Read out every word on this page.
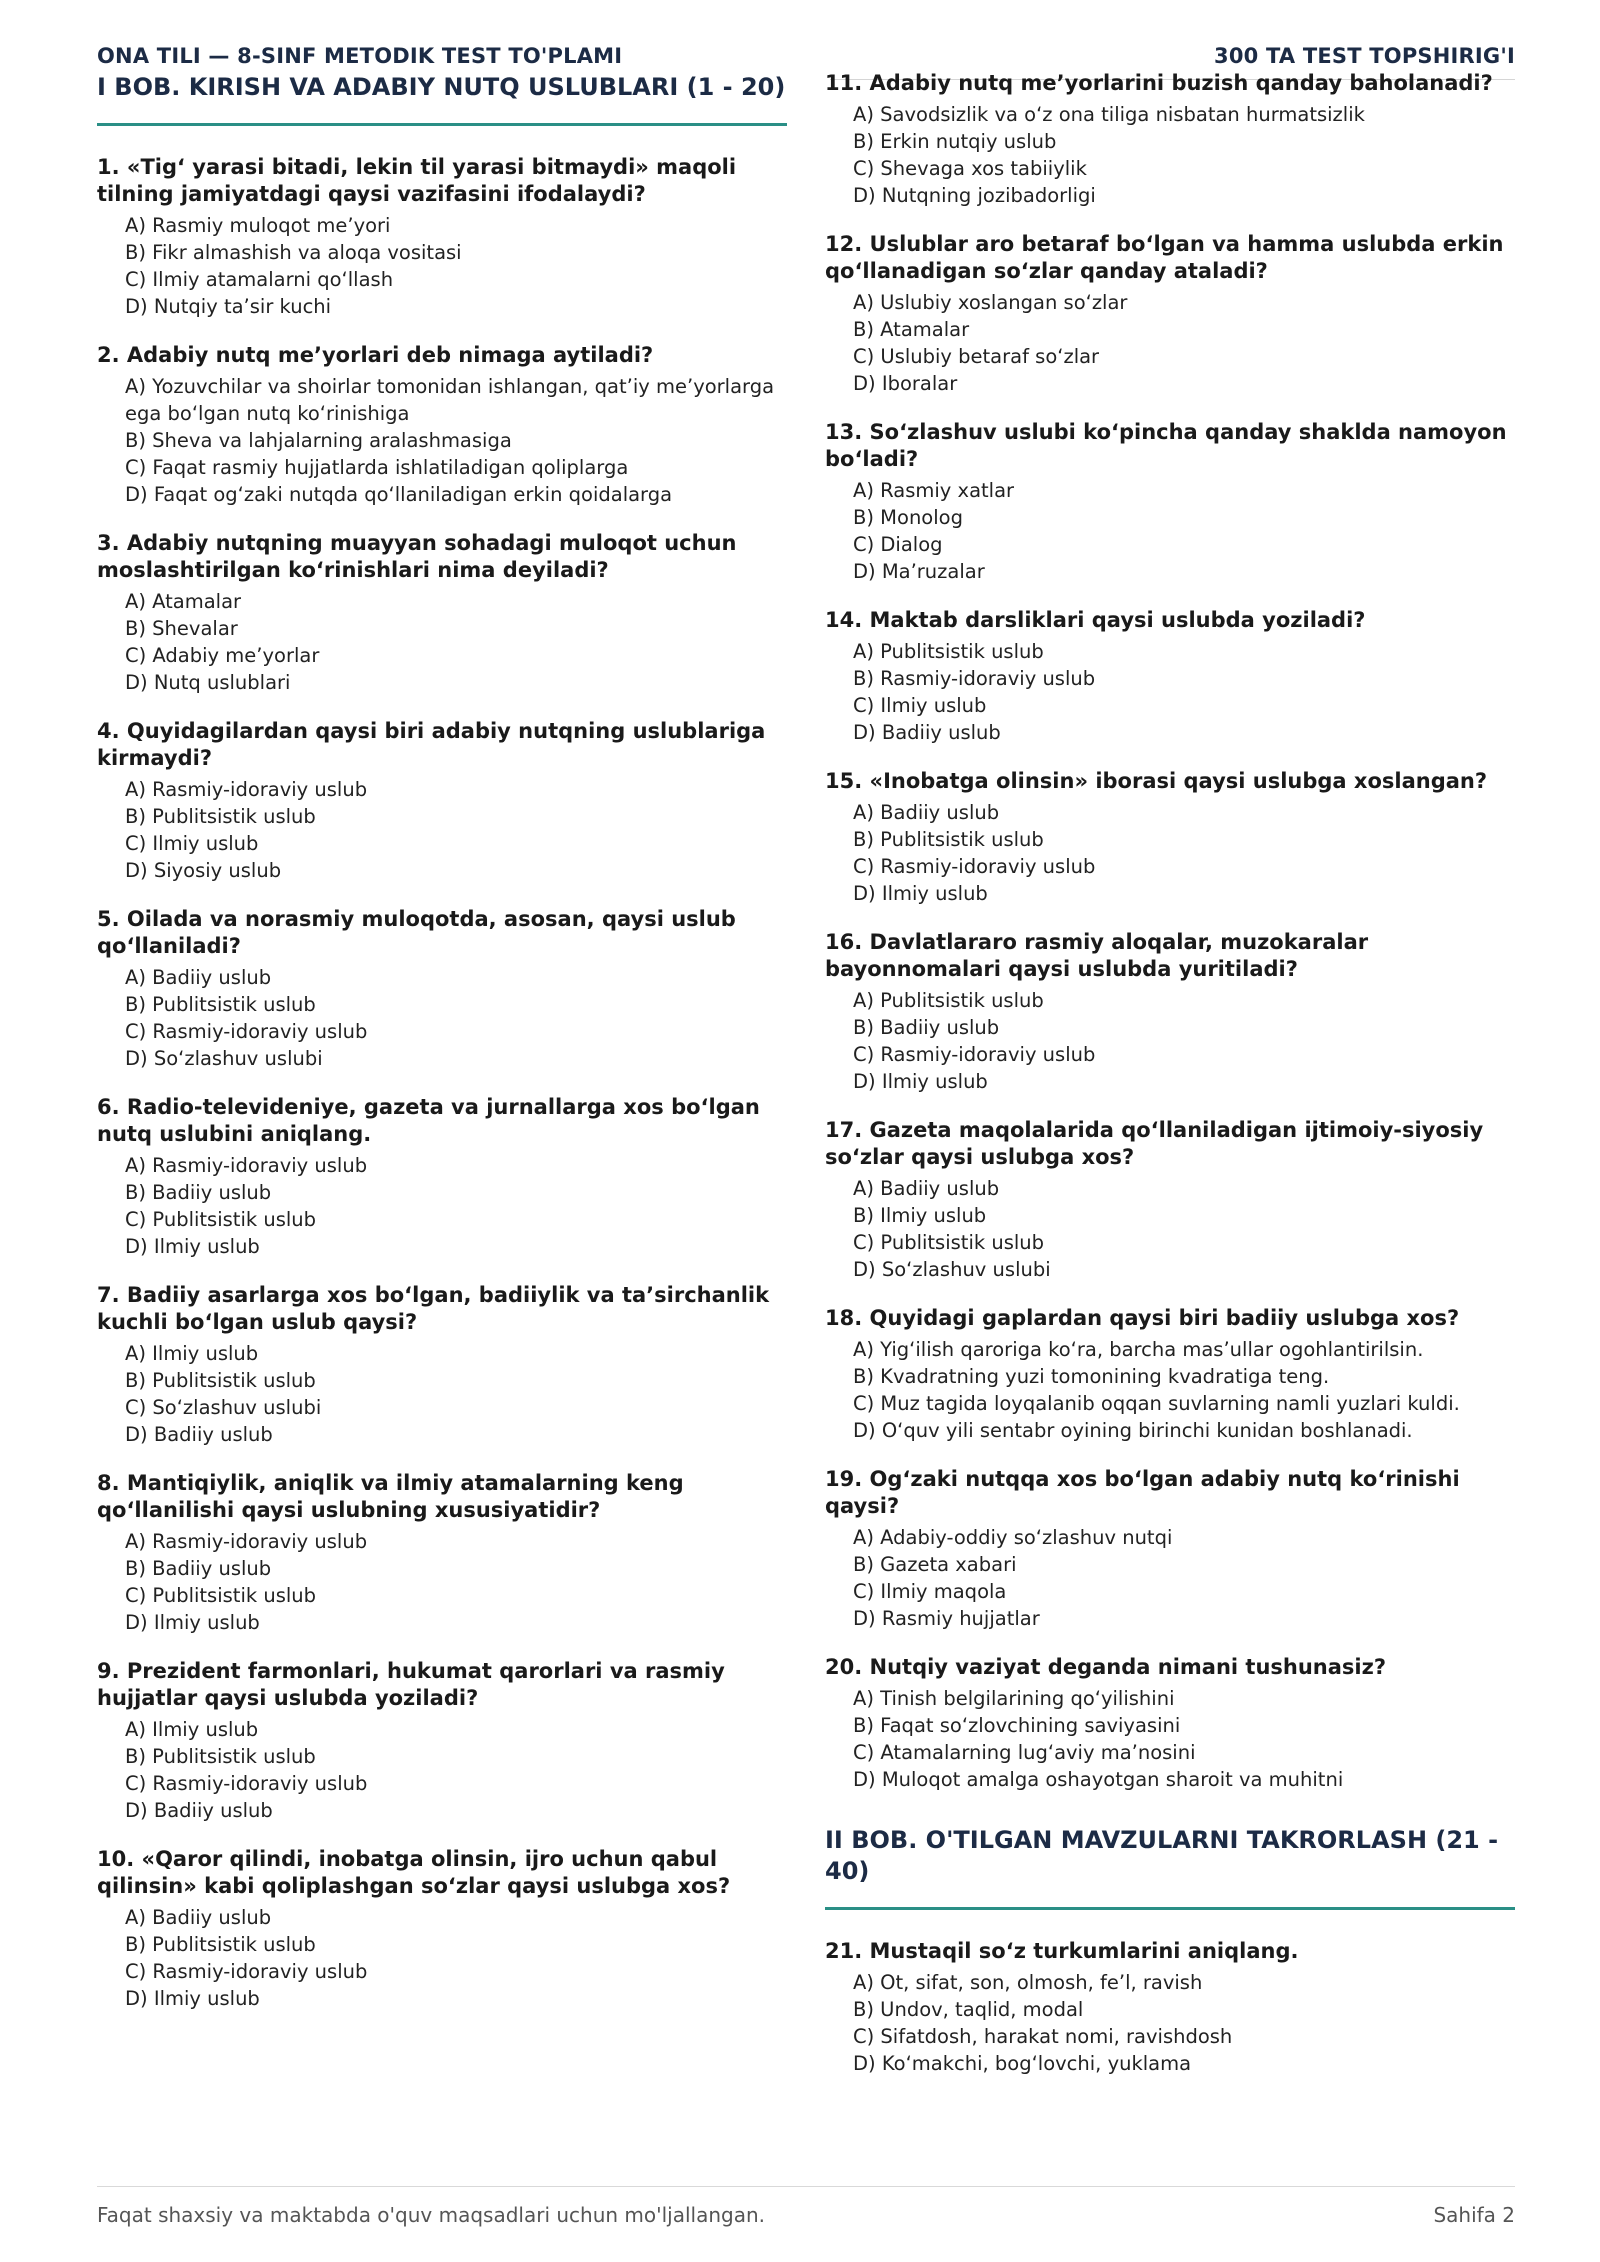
ONA TILI — 8-SINF METODIK TEST TO'PLAMI	300 TA TEST TOPSHIRIG'I
I BOB. KIRISH VA ADABIY NUTQ USLUBLARI (1 - 20)
1. «Tig‘ yarasi bitadi, lekin til yarasi bitmaydi» maqoli tilning jamiyatdagi qaysi vazifasini ifodalaydi?
A) Rasmiy muloqot me’yori
B) Fikr almashish va aloqa vositasi
C) Ilmiy atamalarni qo‘llash
D) Nutqiy ta’sir kuchi
2. Adabiy nutq me’yorlari deb nimaga aytiladi?
A) Yozuvchilar va shoirlar tomonidan ishlangan, qat’iy me’yorlarga ega bo‘lgan nutq ko‘rinishiga
B) Sheva va lahjalarning aralashmasiga
C) Faqat rasmiy hujjatlarda ishlatiladigan qoliplarga
D) Faqat og‘zaki nutqda qo‘llaniladigan erkin qoidalarga
3. Adabiy nutqning muayyan sohadagi muloqot uchun moslashtirilgan ko‘rinishlari nima deyiladi?
A) Atamalar
B) Shevalar
C) Adabiy me’yorlar
D) Nutq uslublari
4. Quyidagilardan qaysi biri adabiy nutqning uslublariga kirmaydi?
A) Rasmiy-idoraviy uslub
B) Publitsistik uslub
C) Ilmiy uslub
D) Siyosiy uslub
5. Oilada va norasmiy muloqotda, asosan, qaysi uslub qo‘llaniladi?
A) Badiiy uslub
B) Publitsistik uslub
C) Rasmiy-idoraviy uslub
D) So‘zlashuv uslubi
6. Radio-televideniye, gazeta va jurnallarga xos bo‘lgan nutq uslubini aniqlang.
A) Rasmiy-idoraviy uslub
B) Badiiy uslub
C) Publitsistik uslub
D) Ilmiy uslub
7. Badiiy asarlarga xos bo‘lgan, badiiylik va ta’sirchanlik kuchli bo‘lgan uslub qaysi?
A) Ilmiy uslub
B) Publitsistik uslub
C) So‘zlashuv uslubi
D) Badiiy uslub
8. Mantiqiylik, aniqlik va ilmiy atamalarning keng qo‘llanilishi qaysi uslubning xususiyatidir?
A) Rasmiy-idoraviy uslub
B) Badiiy uslub
C) Publitsistik uslub
D) Ilmiy uslub
9. Prezident farmonlari, hukumat qarorlari va rasmiy hujjatlar qaysi uslubda yoziladi?
A) Ilmiy uslub
B) Publitsistik uslub
C) Rasmiy-idoraviy uslub
D) Badiiy uslub
10. «Qaror qilindi, inobatga olinsin, ijro uchun qabul qilinsin» kabi qoliplashgan so‘zlar qaysi uslubga xos?
A) Badiiy uslub
B) Publitsistik uslub
C) Rasmiy-idoraviy uslub
D) Ilmiy uslub
11. Adabiy nutq me’yorlarini buzish qanday baholanadi?
A) Savodsizlik va o‘z ona tiliga nisbatan hurmatsizlik
B) Erkin nutqiy uslub
C) Shevaga xos tabiiylik
D) Nutqning jozibadorligi
12. Uslublar aro betaraf bo‘lgan va hamma uslubda erkin qo‘llanadigan so‘zlar qanday ataladi?
A) Uslubiy xoslangan so‘zlar
B) Atamalar
C) Uslubiy betaraf so‘zlar
D) Iboralar
13. So‘zlashuv uslubi ko‘pincha qanday shaklda namoyon bo‘ladi?
A) Rasmiy xatlar
B) Monolog
C) Dialog
D) Ma’ruzalar
14. Maktab darsliklari qaysi uslubda yoziladi?
A) Publitsistik uslub
B) Rasmiy-idoraviy uslub
C) Ilmiy uslub
D) Badiiy uslub
15. «Inobatga olinsin» iborasi qaysi uslubga xoslangan?
A) Badiiy uslub
B) Publitsistik uslub
C) Rasmiy-idoraviy uslub
D) Ilmiy uslub
16. Davlatlararo rasmiy aloqalar, muzokaralar bayonnomalari qaysi uslubda yuritiladi?
A) Publitsistik uslub
B) Badiiy uslub
C) Rasmiy-idoraviy uslub
D) Ilmiy uslub
17. Gazeta maqolalarida qo‘llaniladigan ijtimoiy-siyosiy so‘zlar qaysi uslubga xos?
A) Badiiy uslub
B) Ilmiy uslub
C) Publitsistik uslub
D) So‘zlashuv uslubi
18. Quyidagi gaplardan qaysi biri badiiy uslubga xos?
A) Yig‘ilish qaroriga ko‘ra, barcha mas’ullar ogohlantirilsin.
B) Kvadratning yuzi tomonining kvadratiga teng.
C) Muz tagida loyqalanib oqqan suvlarning namli yuzlari kuldi.
D) O‘quv yili sentabr oyining birinchi kunidan boshlanadi.
19. Og‘zaki nutqqa xos bo‘lgan adabiy nutq ko‘rinishi qaysi?
A) Adabiy-oddiy so‘zlashuv nutqi
B) Gazeta xabari
C) Ilmiy maqola
D) Rasmiy hujjatlar
20. Nutqiy vaziyat deganda nimani tushunasiz?
A) Tinish belgilarining qo‘yilishini
B) Faqat so‘zlovchining saviyasini
C) Atamalarning lug‘aviy ma’nosini
D) Muloqot amalga oshayotgan sharoit va muhitni
II BOB. O'TILGAN MAVZULARNI TAKRORLASH (21 - 40)
21. Mustaqil so‘z turkumlarini aniqlang.
A) Ot, sifat, son, olmosh, fe’l, ravish
B) Undov, taqlid, modal
C) Sifatdosh, harakat nomi, ravishdosh
D) Ko‘makchi, bog‘lovchi, yuklama
Faqat shaxsiy va maktabda o'quv maqsadlari uchun mo'ljallangan.	Sahifa 2
